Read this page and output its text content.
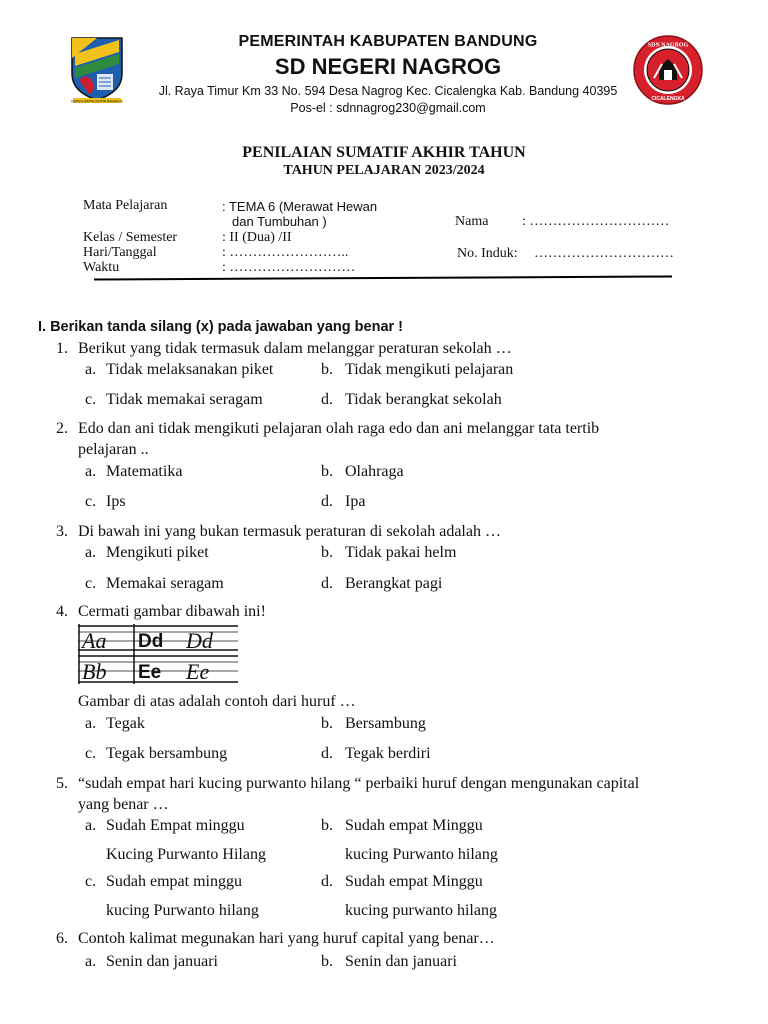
REPEH RAPIH KERTA RAHARJA
SDN NAGROG
CICALENGKA
PEMERINTAH KABUPATEN BANDUNG
SD NEGERI NAGROG
Jl. Raya Timur Km 33 No. 594 Desa Nagrog Kec. Cicalengka Kab. Bandung 40395
Pos-el : sdnnagrog230@gmail.com
PENILAIAN SUMATIF AKHIR TAHUN
TAHUN PELAJARAN 2023/2024
Mata Pelajaran	: TEMA 6 (Merawat Hewan
dan Tumbuhan )	Nama : …………………………
Kelas / Semester	: II (Dua) /II
Hari/Tanggal	: ……………………..	No. Induk: …………………………
Waktu	: ………………………
I. Berikan tanda silang (x) pada jawaban yang benar !
1. Berikut yang tidak termasuk dalam melanggar peraturan sekolah …
a. Tidak melaksanakan piket	b. Tidak mengikuti pelajaran
c. Tidak memakai seragam	d. Tidak berangkat sekolah
2. Edo dan ani tidak mengikuti pelajaran olah raga edo dan ani melanggar tata tertib
pelajaran ..
a. Matematika	b. Olahraga
c. Ips	d. Ipa
3. Di bawah ini yang bukan termasuk peraturan di sekolah adalah …
a. Mengikuti piket	b. Tidak pakai helm
c. Memakai seragam	d. Berangkat pagi
4. Cermati gambar dibawah ini!
Aa Dd Dd
Bb Ee Ee
Gambar di atas adalah contoh dari huruf …
a. Tegak	b. Bersambung
c. Tegak bersambung	d. Tegak berdiri
5. “sudah empat hari kucing purwanto hilang “ perbaiki huruf dengan mengunakan capital
yang benar …
a. Sudah Empat minggu
Kucing Purwanto Hilang
b. Sudah empat Minggu
kucing Purwanto hilang
c. Sudah empat minggu
kucing Purwanto hilang
d. Sudah empat Minggu
kucing purwanto hilang
6. Contoh kalimat megunakan hari yang huruf capital yang benar…
a. Senin dan januari	b. Senin dan januari
